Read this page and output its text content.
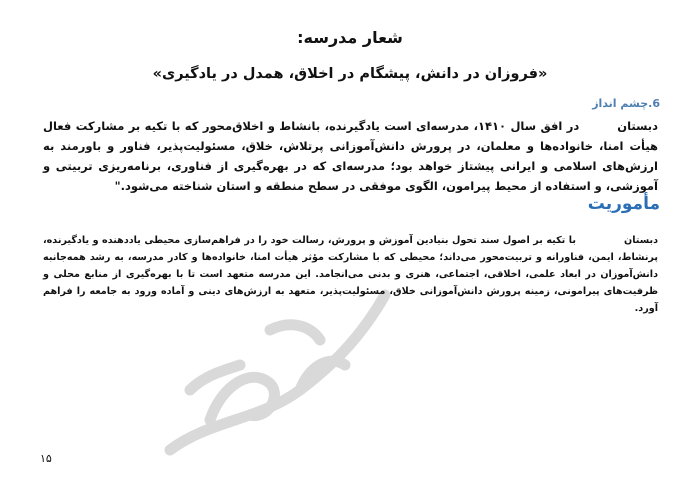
شعار مدرسه:

«فروزان در دانش، پیشگام در اخلاق، همدل در یادگیری»

6.چشم انداز

دبستاندر افق سال ۱۴۱۰، مدرسه‌ای است یادگیرنده، بانشاط و اخلاق‌محور که با تکیه بر مشارکت فعال هیأت امنا، خانواده‌ها و معلمان، در پرورش دانش‌آموزانی پرتلاش، خلاق، مسئولیت‌پذیر، فناور و باورمند به ارزش‌های اسلامی و ایرانی پیشتاز خواهد بود؛ مدرسه‌ای که در بهره‌گیری از فناوری، برنامه‌ریزی تربیتی و آموزشی، و استفاده از محیط پیرامون، الگوی موفقی در سطح منطقه و استان شناخته می‌شود."

مأموریت

دبستانبا تکیه بر اصول سند تحول بنیادین آموزش و پرورش، رسالت خود را در فراهم‌سازی محیطی یاددهنده و یادگیرنده، پرنشاط، ایمن، فناورانه و تربیت‌محور می‌داند؛ محیطی که با مشارکت مؤثر هیأت امنا، خانواده‌ها و کادر مدرسه، به رشد همه‌جانبه دانش‌آموزان در ابعاد علمی، اخلاقی، اجتماعی، هنری و بدنی می‌انجامد. این مدرسه متعهد است تا با بهره‌گیری از منابع محلی و ظرفیت‌های پیرامونی، زمینه پرورش دانش‌آموزانی خلاق، مسئولیت‌پذیر، متعهد به ارزش‌های دینی و آماده ورود به جامعه را فراهم آورد.

۱۵
